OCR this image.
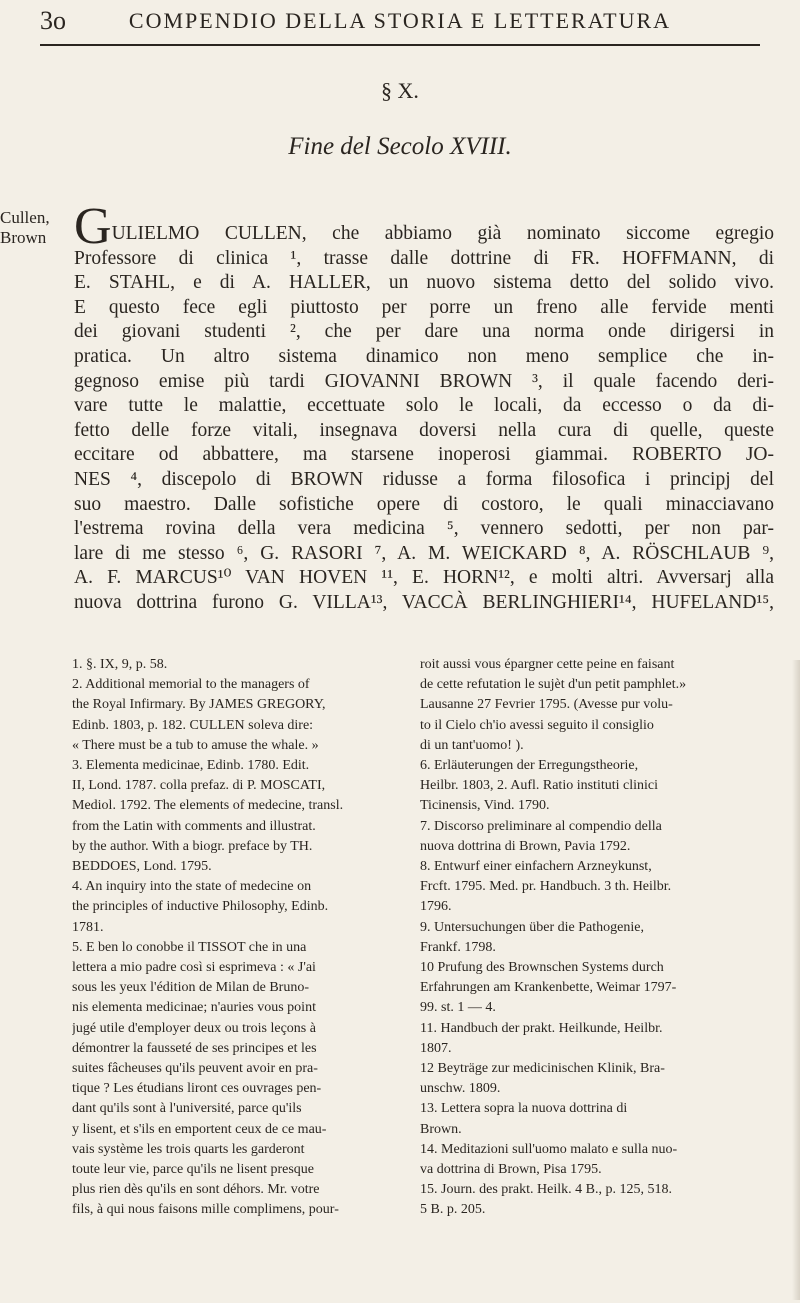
3o	COMPENDIO DELLA STORIA E LETTERATURA
§ X.
Fine del Secolo XVIII.
Cullen,
Brown GULIELMO CULLEN, che abbiamo già nominato siccome egregio
Professore di clinica ¹, trasse dalle dottrine di FR. HOFFMANN, di
E. STAHL, e di A. HALLER, un nuovo sistema detto del solido vivo.
E questo fece egli piuttosto per porre un freno alle fervide menti
dei giovani studenti ², che per dare una norma onde dirigersi in
pratica. Un altro sistema dinamico non meno semplice che in-
gegnoso emise più tardi GIOVANNI BROWN ³, il quale facendo deri-
vare tutte le malattie, eccettuate solo le locali, da eccesso o da di-
fetto delle forze vitali, insegnava doversi nella cura di quelle, queste
eccitare od abbattere, ma starsene inoperosi giammai. ROBERTO JO-
NES ⁴, discepolo di BROWN ridusse a forma filosofica i principj del
suo maestro. Dalle sofistiche opere di costoro, le quali minacciavano
l'estrema rovina della vera medicina ⁵, vennero sedotti, per non par-
lare di me stesso ⁶, G. RASORI ⁷, A. M. WEICKARD ⁸, A. RÖSCHLAUB ⁹,
A. F. MARCUS¹⁰ VAN HOVEN ¹¹, E. HORN¹², e molti altri. Avversarj alla
nuova dottrina furono G. VILLA¹³, VACCÀ BERLINGHIERI¹⁴, HUFELAND¹⁵,
1. §. IX, 9, p. 58.
2. Additional memorial to the managers of
the Royal Infirmary. By JAMES GREGORY,
Edinb. 1803, p. 182. CULLEN soleva dire:
« There must be a tub to amuse the whale. »
3. Elementa medicinae, Edinb. 1780. Edit.
II, Lond. 1787. colla prefaz. di P. MOSCATI,
Mediol. 1792. The elements of medecine, transl.
from the Latin with comments and illustrat.
by the author. With a biogr. preface by TH.
BEDDOES, Lond. 1795.
4. An inquiry into the state of medecine on
the principles of inductive Philosophy, Edinb.
1781.
5. E ben lo conobbe il TISSOT che in una
lettera a mio padre così si esprimeva : « J'ai
sous les yeux l'édition de Milan de Bruno-
nis elementa medicinae; n'auries vous point
jugé utile d'employer deux ou trois leçons à
démontrer la fausseté de ses principes et les
suites fâcheuses qu'ils peuvent avoir en pra-
tique ? Les étudians liront ces ouvrages pen-
dant qu'ils sont à l'université, parce qu'ils
y lisent, et s'ils en emportent ceux de ce mau-
vais système les trois quarts les garderont
toute leur vie, parce qu'ils ne lisent presque
plus rien dès qu'ils en sont déhors. Mr. votre
fils, à qui nous faisons mille complimens, pour-
roit aussi vous épargner cette peine en faisant
de cette refutation le sujèt d'un petit pamphlet.»
Lausanne 27 Fevrier 1795. (Avesse pur volu-
to il Cielo ch'io avessi seguito il consiglio
di un tant'uomo! ).
6. Erläuterungen der Erregungstheorie,
Heilbr. 1803, 2. Aufl. Ratio instituti clinici
Ticinensis, Vind. 1790.
7. Discorso preliminare al compendio della
nuova dottrina di Brown, Pavia 1792.
8. Entwurf einer einfachern Arzneykunst,
Frcft. 1795. Med. pr. Handbuch. 3 th. Heilbr.
1796.
9. Untersuchungen über die Pathogenie,
Frankf. 1798.
10 Prufung des Brownschen Systems durch
Erfahrungen am Krankenbette, Weimar 1797-
99. st. 1 — 4.
11. Handbuch der prakt. Heilkunde, Heilbr.
1807.
12 Beyträge zur medicinischen Klinik, Bra-
unschw. 1809.
13. Lettera sopra la nuova dottrina di
Brown.
14. Meditazioni sull'uomo malato e sulla nuo-
va dottrina di Brown, Pisa 1795.
15. Journ. des prakt. Heilk. 4 B., p. 125, 518.
5 B. p. 205.
